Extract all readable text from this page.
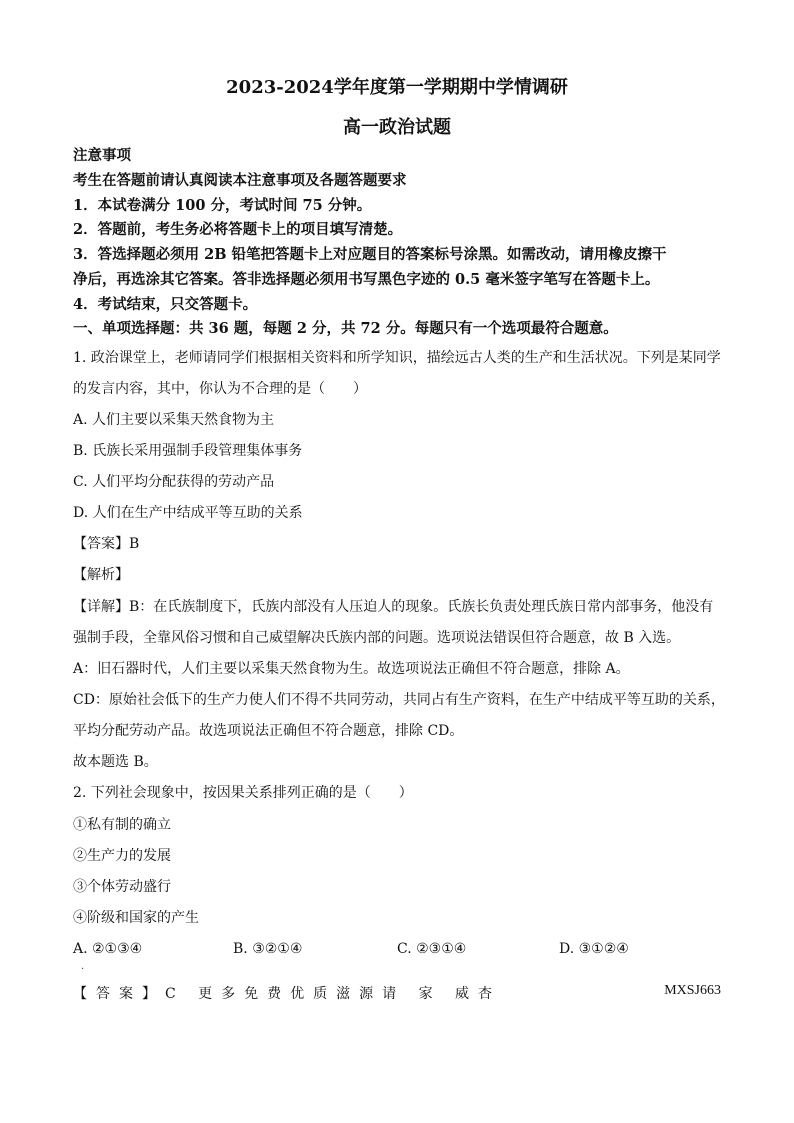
2023-2024学年度第一学期期中学情调研
高一政治试题
注意事项
考生在答题前请认真阅读本注意事项及各题答题要求
1．本试卷满分 100 分，考试时间 75 分钟。
2．答题前，考生务必将答题卡上的项目填写清楚。
3．答选择题必须用 2B 铅笔把答题卡上对应题目的答案标号涂黑。如需改动，请用橡皮擦干
净后，再选涂其它答案。答非选择题必须用书写黑色字迹的 0.5 毫米签字笔写在答题卡上。
4．考试结束，只交答题卡。
一、单项选择题：共 36 题，每题 2 分，共 72 分。每题只有一个选项最符合题意。
1. 政治课堂上，老师请同学们根据相关资料和所学知识，描绘远古人类的生产和生活状况。下列是某同学
的发言内容，其中，你认为不合理的是（　　）
A. 人们主要以采集天然食物为主
B. 氏族长采用强制手段管理集体事务
C. 人们平均分配获得的劳动产品
D. 人们在生产中结成平等互助的关系
【答案】B
【解析】
【详解】B：在氏族制度下，氏族内部没有人压迫人的现象。氏族长负责处理氏族日常内部事务，他没有
强制手段，全靠风俗习惯和自己威望解决氏族内部的问题。选项说法错误但符合题意，故 B 入选。
A：旧石器时代，人们主要以采集天然食物为生。故选项说法正确但不符合题意，排除 A。
CD：原始社会低下的生产力使人们不得不共同劳动，共同占有生产资料，在生产中结成平等互助的关系，
平均分配劳动产品。故选项说法正确但不符合题意，排除 CD。
故本题选 B。
2. 下列社会现象中，按因果关系排列正确的是（　　）
①私有制的确立
②生产力的发展
③个体劳动盛行
④阶级和国家的产生
A. ②①③④	B. ③②①④	C. ②③①④	D. ③①②④
·
【答案】C 更多免费优质滋源请 家 威杏	MXSJ663
